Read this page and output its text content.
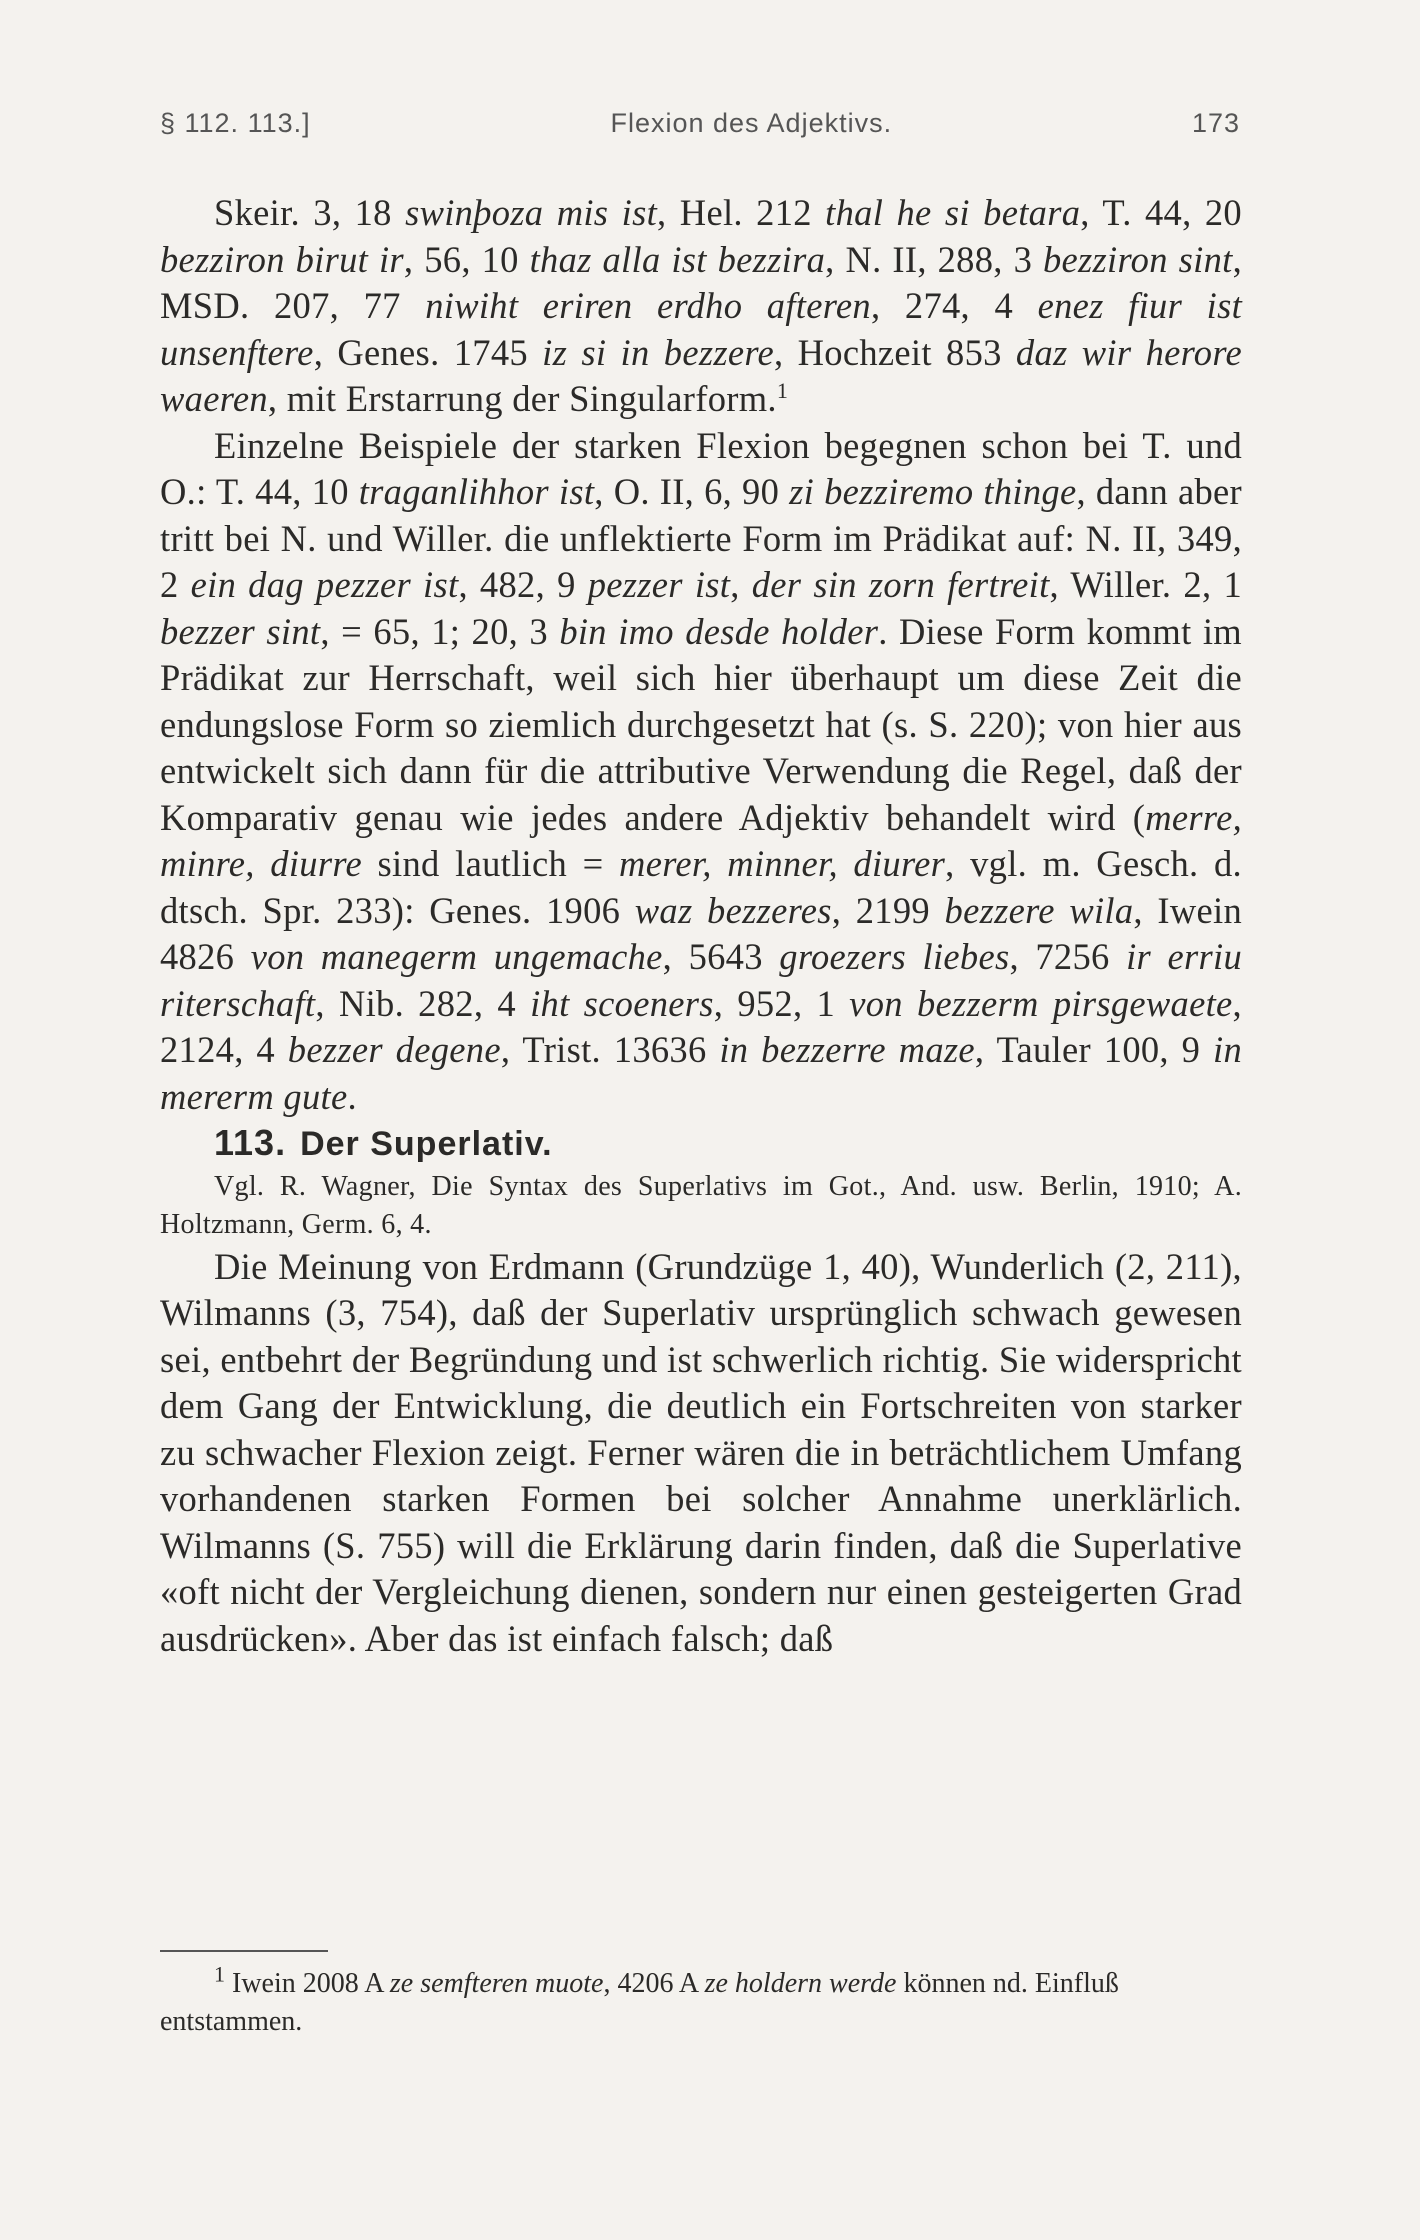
§ 112. 113.]	Flexion des Adjektivs.	173

Skeir. 3, 18 swinþoza mis ist, Hel. 212 thal he si betara, T. 44, 20 bezziron birut ir, 56, 10 thaz alla ist bezzira, N. II, 288, 3 bezziron sint, MSD. 207, 77 niwiht eriren erdho afteren, 274, 4 enez fiur ist unsenftere, Genes. 1745 iz si in bezzere, Hochzeit 853 daz wir herore waeren, mit Erstarrung der Singularform.$^1$

Einzelne Beispiele der starken Flexion begegnen schon bei T. und O.: T. 44, 10 traganlihhor ist, O. II, 6, 90 zi bezziremo thinge, dann aber tritt bei N. und Willer. die unflektierte Form im Prädikat auf: N. II, 349, 2 ein dag pezzer ist, 482, 9 pezzer ist, der sin zorn fertreit, Willer. 2, 1 bezzer sint, = 65, 1; 20, 3 bin imo desde holder. Diese Form kommt im Prädikat zur Herrschaft, weil sich hier überhaupt um diese Zeit die endungslose Form so ziemlich durchgesetzt hat (s. S. 220); von hier aus entwickelt sich dann für die attributive Verwendung die Regel, daß der Komparativ genau wie jedes andere Adjektiv behandelt wird (merre, minre, diurre sind lautlich = merer, minner, diurer, vgl. m. Gesch. d. dtsch. Spr. 233): Genes. 1906 waz bezzeres, 2199 bezzere wila, Iwein 4826 von manegerm ungemache, 5643 groezers liebes, 7256 ir erriu riterschaft, Nib. 282, 4 iht scoeners, 952, 1 von bezzerm pirsgewaete, 2124, 4 bezzer degene, Trist. 13636 in bezzerre maze, Tauler 100, 9 in mererm gute.

113. Der Superlativ.

Vgl. R. Wagner, Die Syntax des Superlativs im Got., And. usw. Berlin, 1910; A. Holtzmann, Germ. 6, 4.

Die Meinung von Erdmann (Grundzüge 1, 40), Wunderlich (2, 211), Wilmanns (3, 754), daß der Superlativ ursprünglich schwach gewesen sei, entbehrt der Begründung und ist schwerlich richtig. Sie widerspricht dem Gang der Entwicklung, die deutlich ein Fortschreiten von starker zu schwacher Flexion zeigt. Ferner wären die in beträchtlichem Umfang vorhandenen starken Formen bei solcher Annahme unerklärlich. Wilmanns (S. 755) will die Erklärung darin finden, daß die Superlative «oft nicht der Vergleichung dienen, sondern nur einen gesteigerten Grad ausdrücken». Aber das ist einfach falsch; daß

$^1$ Iwein 2008 A ze semfteren muote, 4206 A ze holdern werde können nd. Einfluß entstammen.
